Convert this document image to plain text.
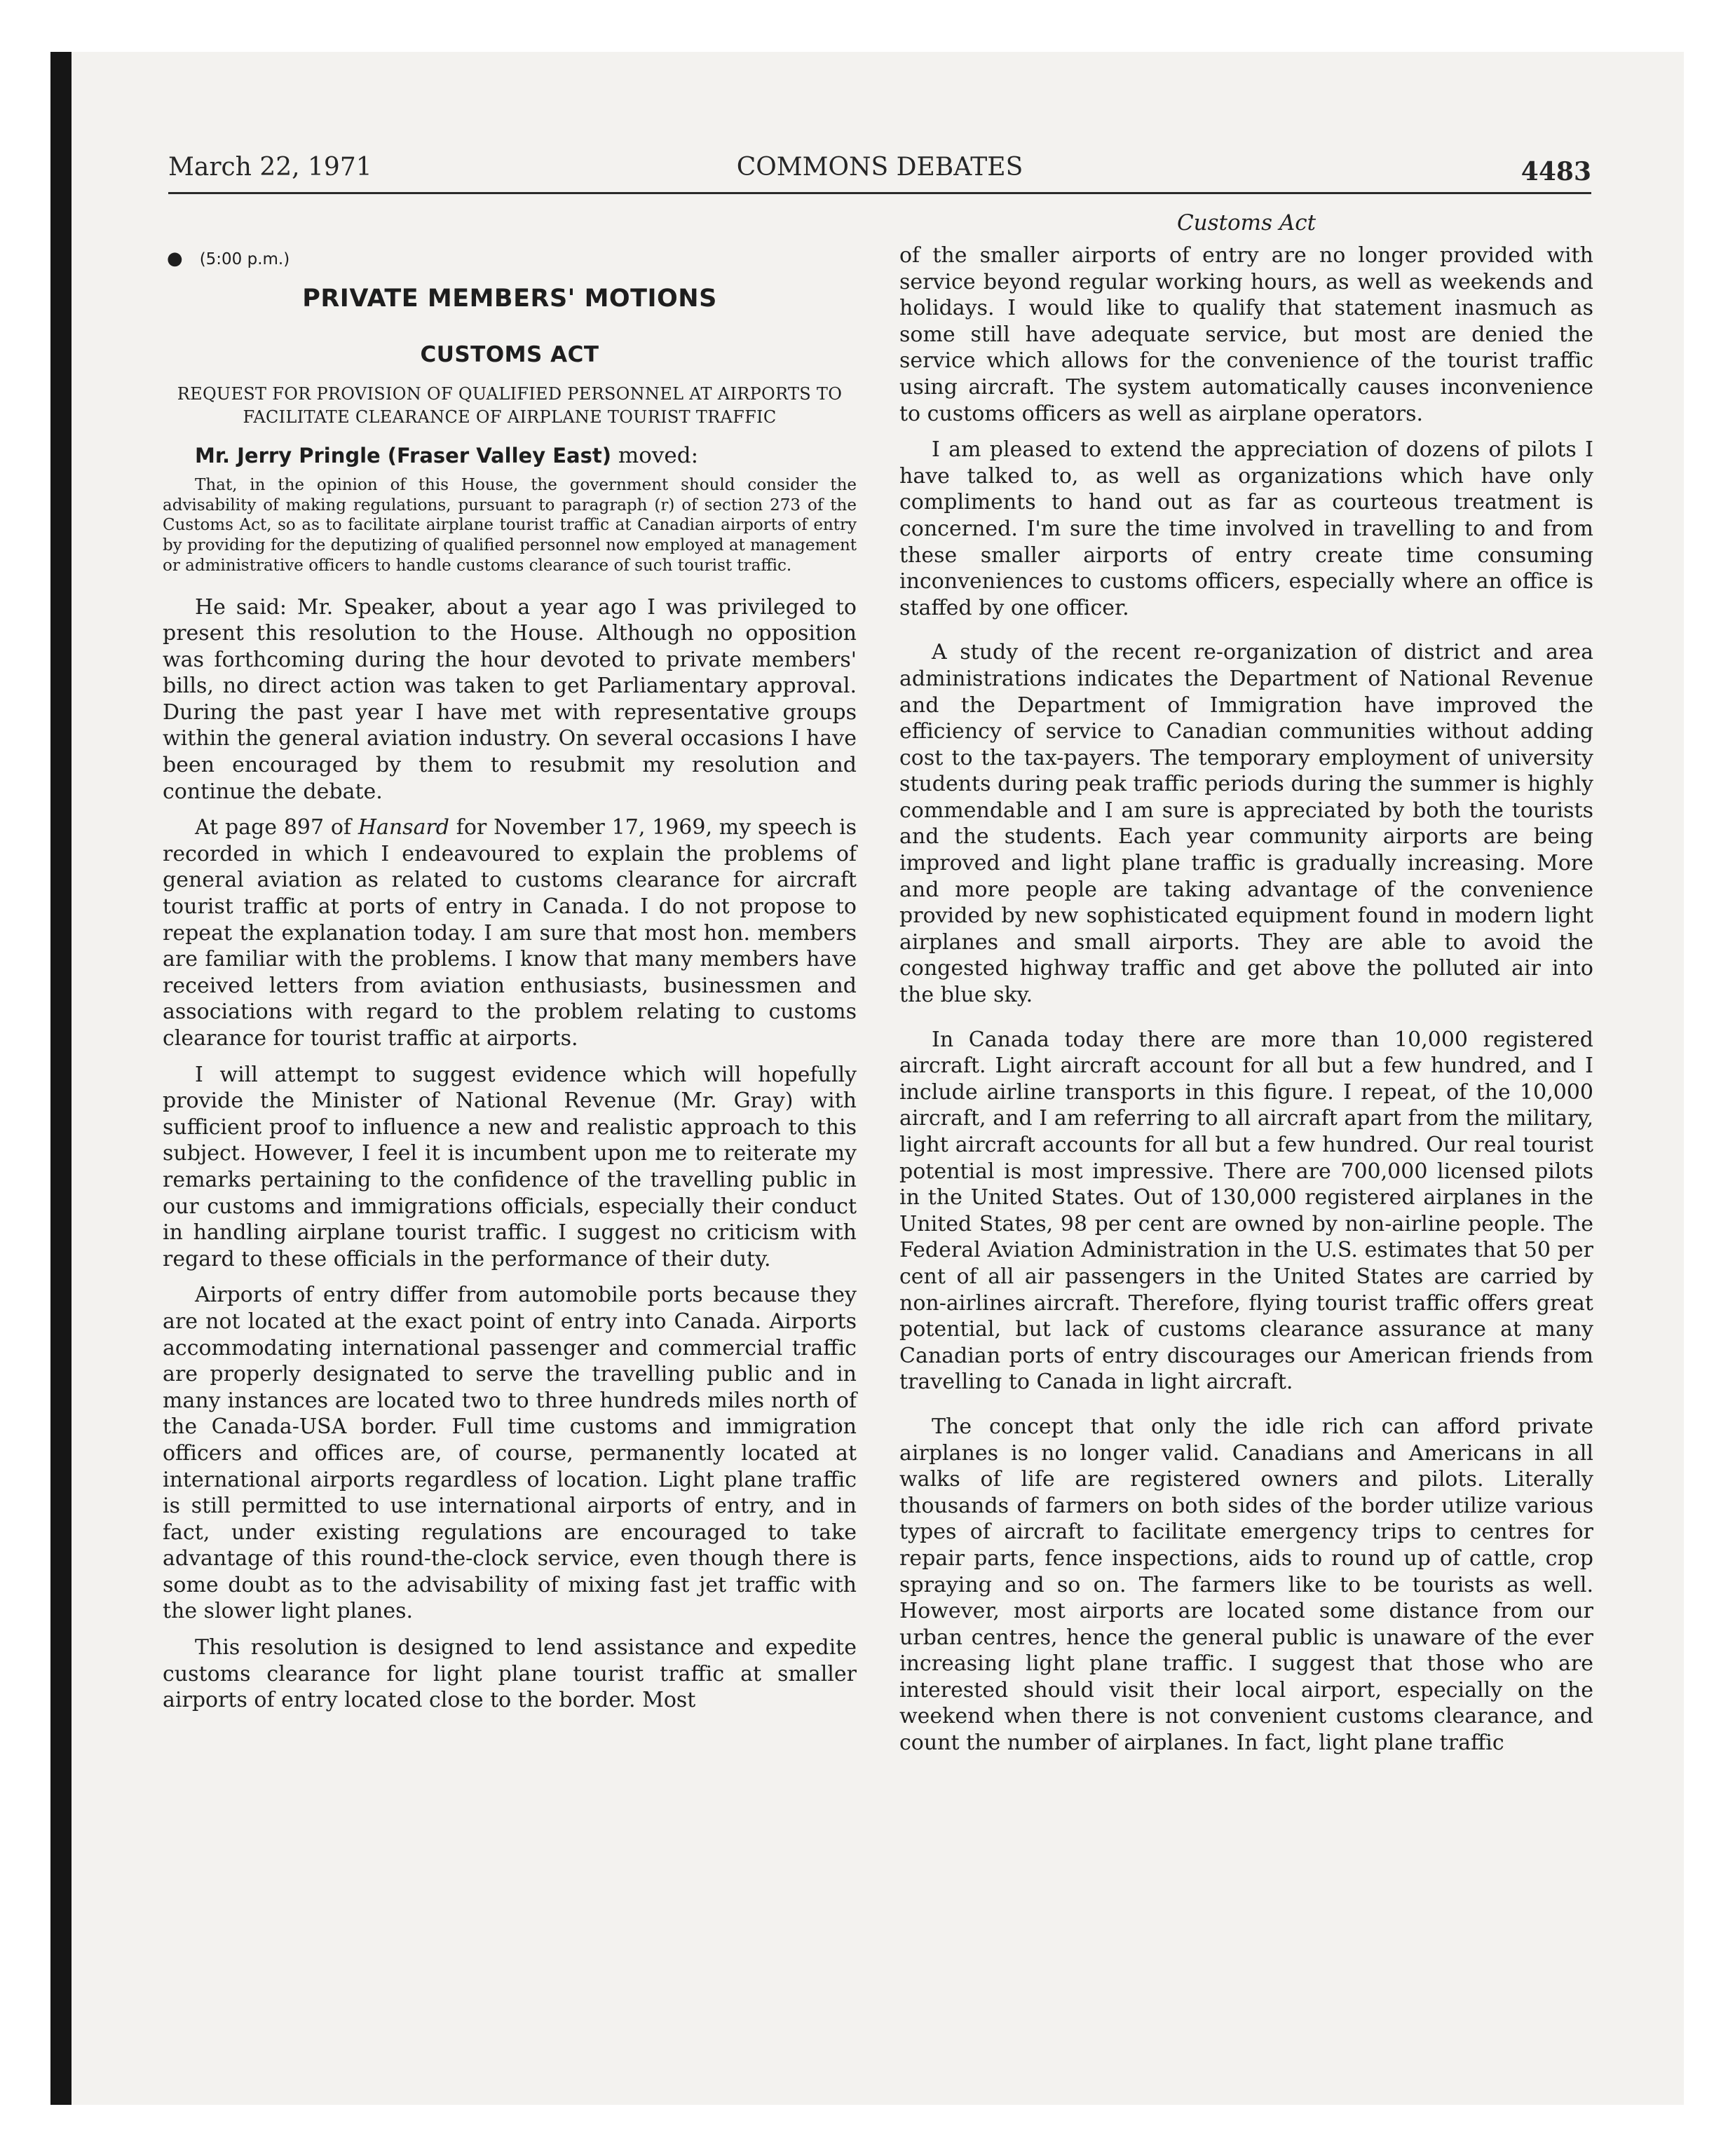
March 22, 1971	COMMONS DEBATES	4483
● (5:00 p.m.)
PRIVATE MEMBERS' MOTIONS
CUSTOMS ACT
REQUEST FOR PROVISION OF QUALIFIED PERSONNEL AT AIRPORTS TO FACILITATE CLEARANCE OF AIRPLANE TOURIST TRAFFIC
Mr. Jerry Pringle (Fraser Valley East) moved:
That, in the opinion of this House, the government should consider the advisability of making regulations, pursuant to paragraph (r) of section 273 of the Customs Act, so as to facilitate airplane tourist traffic at Canadian airports of entry by providing for the deputizing of qualified personnel now employed at management or administrative officers to handle customs clearance of such tourist traffic.

He said: Mr. Speaker, about a year ago I was privileged to present this resolution to the House. Although no opposition was forthcoming during the hour devoted to private members' bills, no direct action was taken to get Parliamentary approval. During the past year I have met with representative groups within the general aviation industry. On several occasions I have been encouraged by them to resubmit my resolution and continue the debate.

At page 897 of Hansard for November 17, 1969, my speech is recorded in which I endeavoured to explain the problems of general aviation as related to customs clearance for aircraft tourist traffic at ports of entry in Canada. I do not propose to repeat the explanation today. I am sure that most hon. members are familiar with the problems. I know that many members have received letters from aviation enthusiasts, businessmen and associations with regard to the problem relating to customs clearance for tourist traffic at airports.

I will attempt to suggest evidence which will hopefully provide the Minister of National Revenue (Mr. Gray) with sufficient proof to influence a new and realistic approach to this subject. However, I feel it is incumbent upon me to reiterate my remarks pertaining to the confidence of the travelling public in our customs and immigrations officials, especially their conduct in handling airplane tourist traffic. I suggest no criticism with regard to these officials in the performance of their duty.

Airports of entry differ from automobile ports because they are not located at the exact point of entry into Canada. Airports accommodating international passenger and commercial traffic are properly designated to serve the travelling public and in many instances are located two to three hundreds miles north of the Canada-USA border. Full time customs and immigration officers and offices are, of course, permanently located at international airports regardless of location. Light plane traffic is still permitted to use international airports of entry, and in fact, under existing regulations are encouraged to take advantage of this round-the-clock service, even though there is some doubt as to the advisability of mixing fast jet traffic with the slower light planes.

This resolution is designed to lend assistance and expedite customs clearance for light plane tourist traffic at smaller airports of entry located close to the border. Most

Customs Act

of the smaller airports of entry are no longer provided with service beyond regular working hours, as well as weekends and holidays. I would like to qualify that statement inasmuch as some still have adequate service, but most are denied the service which allows for the convenience of the tourist traffic using aircraft. The system automatically causes inconvenience to customs officers as well as airplane operators.

I am pleased to extend the appreciation of dozens of pilots I have talked to, as well as organizations which have only compliments to hand out as far as courteous treatment is concerned. I'm sure the time involved in travelling to and from these smaller airports of entry create time consuming inconveniences to customs officers, especially where an office is staffed by one officer.

A study of the recent re-organization of district and area administrations indicates the Department of National Revenue and the Department of Immigration have improved the efficiency of service to Canadian communities without adding cost to the tax-payers. The temporary employment of university students during peak traffic periods during the summer is highly commendable and I am sure is appreciated by both the tourists and the students. Each year community airports are being improved and light plane traffic is gradually increasing. More and more people are taking advantage of the convenience provided by new sophisticated equipment found in modern light airplanes and small airports. They are able to avoid the congested highway traffic and get above the polluted air into the blue sky.

In Canada today there are more than 10,000 registered aircraft. Light aircraft account for all but a few hundred, and I include airline transports in this figure. I repeat, of the 10,000 aircraft, and I am referring to all aircraft apart from the military, light aircraft accounts for all but a few hundred. Our real tourist potential is most impressive. There are 700,000 licensed pilots in the United States. Out of 130,000 registered airplanes in the United States, 98 per cent are owned by non-airline people. The Federal Aviation Administration in the U.S. estimates that 50 per cent of all air passengers in the United States are carried by non-airlines aircraft. Therefore, flying tourist traffic offers great potential, but lack of customs clearance assurance at many Canadian ports of entry discourages our American friends from travelling to Canada in light aircraft.

The concept that only the idle rich can afford private airplanes is no longer valid. Canadians and Americans in all walks of life are registered owners and pilots. Literally thousands of farmers on both sides of the border utilize various types of aircraft to facilitate emergency trips to centres for repair parts, fence inspections, aids to round up of cattle, crop spraying and so on. The farmers like to be tourists as well. However, most airports are located some distance from our urban centres, hence the general public is unaware of the ever increasing light plane traffic. I suggest that those who are interested should visit their local airport, especially on the weekend when there is not convenient customs clearance, and count the number of airplanes. In fact, light plane traffic
